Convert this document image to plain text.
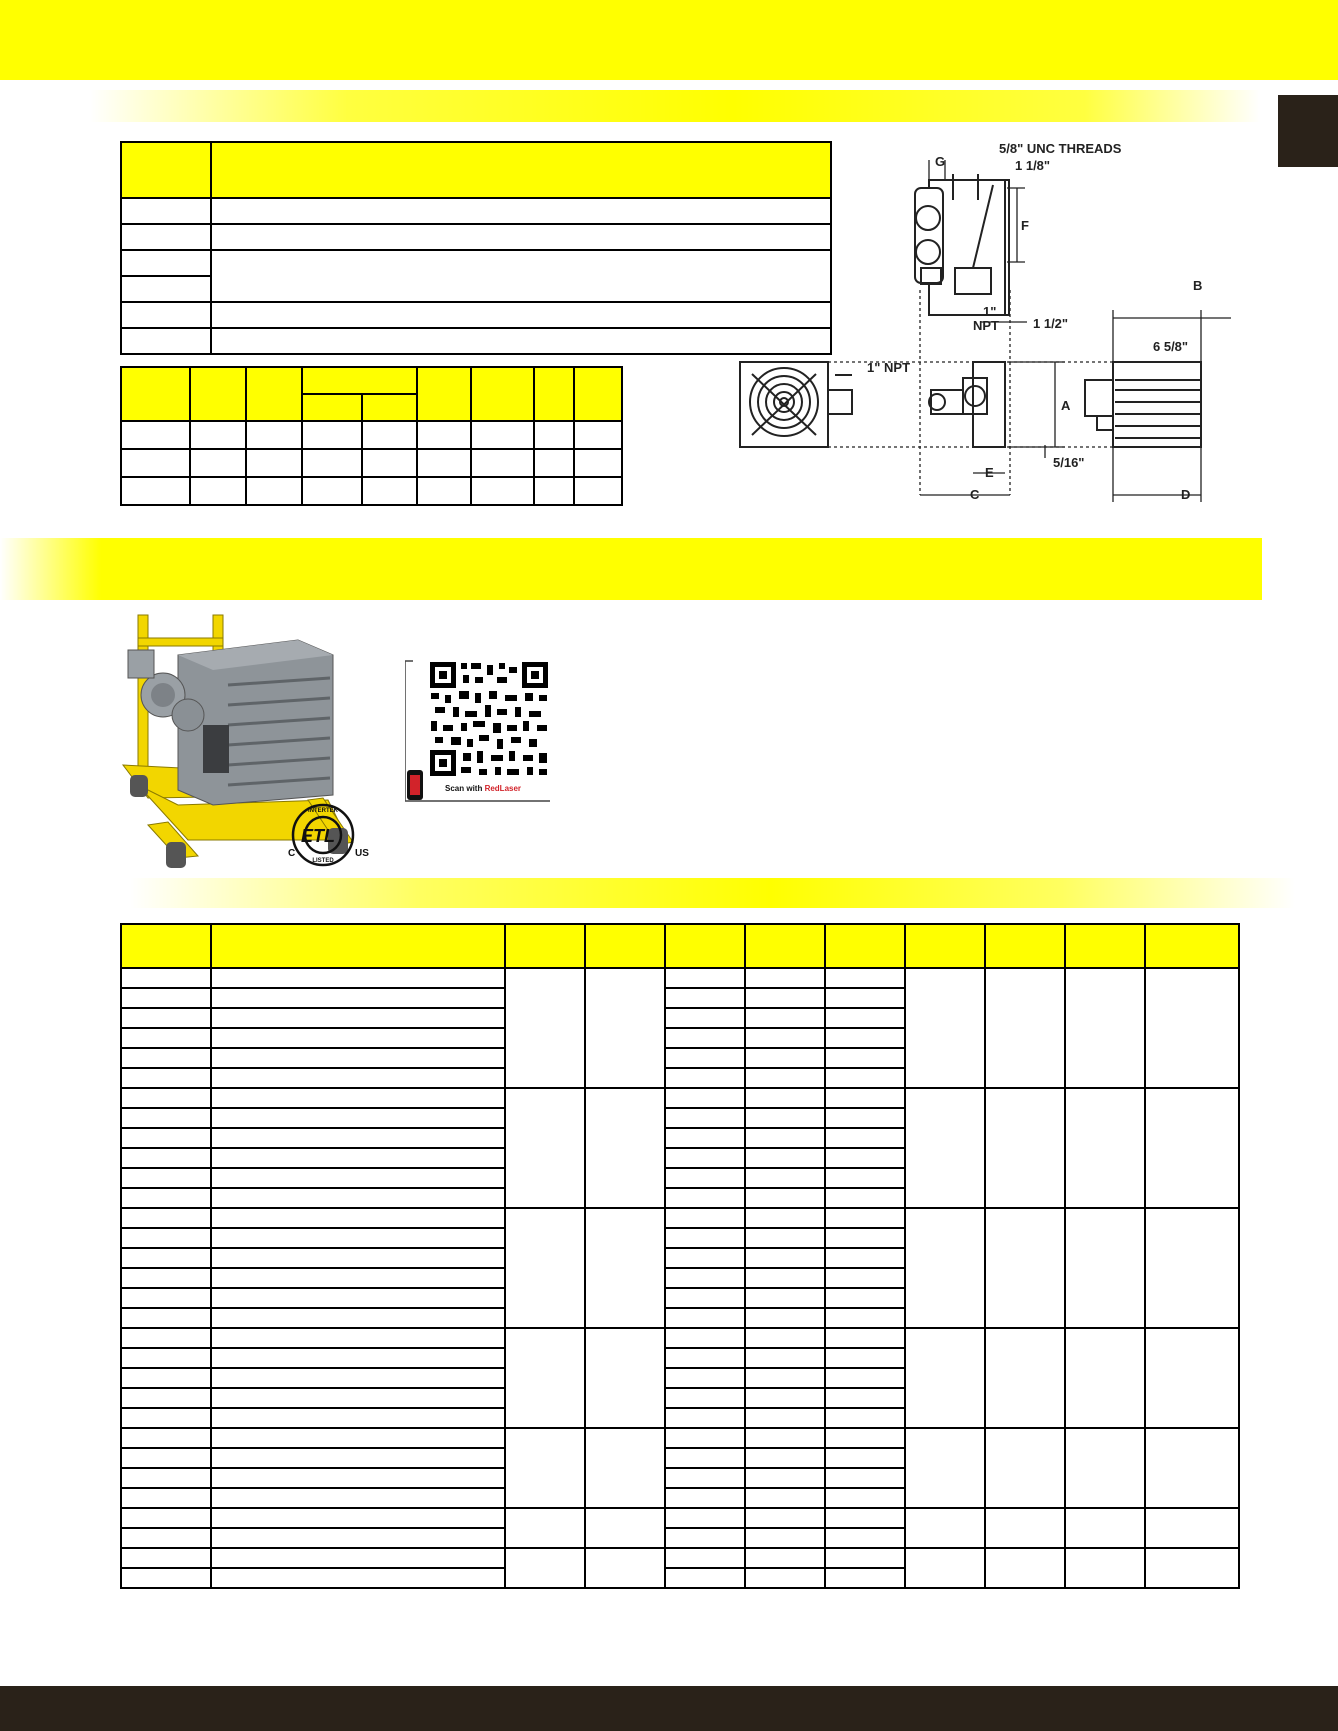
5/8" UNC THREADS
G	1 1/8"
F
1"
NPT	1 1/2"
B
6 5/8"
1" NPT
A
5/16"
E
C	D
ETL
INTERTEK
LISTED
C	US
Scan with RedLaser
